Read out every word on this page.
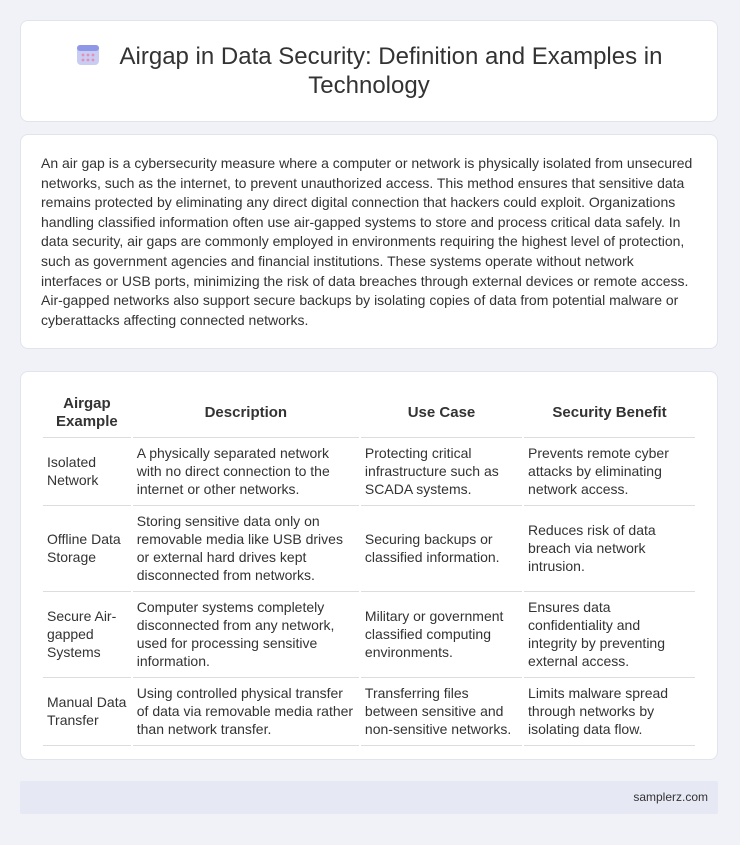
Airgap in Data Security: Definition and Examples in Technology

An air gap is a cybersecurity measure where a computer or network is physically isolated from unsecured networks, such as the internet, to prevent unauthorized access. This method ensures that sensitive data remains protected by eliminating any direct digital connection that hackers could exploit. Organizations handling classified information often use air-gapped systems to store and process critical data safely. In data security, air gaps are commonly employed in environments requiring the highest level of protection, such as government agencies and financial institutions. These systems operate without network interfaces or USB ports, minimizing the risk of data breaches through external devices or remote access. Air-gapped networks also support secure backups by isolating copies of data from potential malware or cyberattacks affecting connected networks.

Airgap Example	Description	Use Case	Security Benefit
Isolated Network	A physically separated network with no direct connection to the internet or other networks.	Protecting critical infrastructure such as SCADA systems.	Prevents remote cyber attacks by eliminating network access.
Offline Data Storage	Storing sensitive data only on removable media like USB drives or external hard drives kept disconnected from networks.	Securing backups or classified information.	Reduces risk of data breach via network intrusion.
Secure Air-gapped Systems	Computer systems completely disconnected from any network, used for processing sensitive information.	Military or government classified computing environments.	Ensures data confidentiality and integrity by preventing external access.
Manual Data Transfer	Using controlled physical transfer of data via removable media rather than network transfer.	Transferring files between sensitive and non-sensitive networks.	Limits malware spread through networks by isolating data flow.
samplerz.com
